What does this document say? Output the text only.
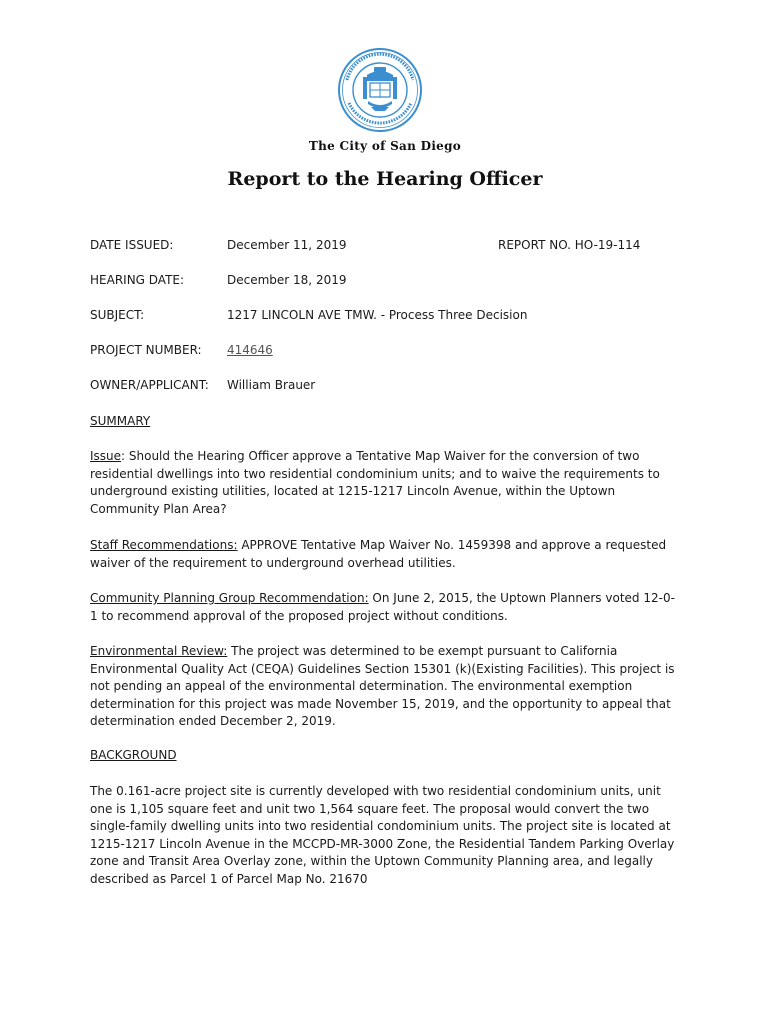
The City of San Diego
Report to the Hearing Officer
DATE ISSUED:	December 11, 2019	REPORT NO. HO-19-114
HEARING DATE:	December 18, 2019
SUBJECT:	1217 LINCOLN AVE TMW. - Process Three Decision
PROJECT NUMBER: 414646
OWNER/APPLICANT: William Brauer
SUMMARY
Issue: Should the Hearing Officer approve a Tentative Map Waiver for the conversion of two residential dwellings into two residential condominium units; and to waive the requirements to underground existing utilities, located at 1215-1217 Lincoln Avenue, within the Uptown Community Plan Area?
Staff Recommendations: APPROVE Tentative Map Waiver No. 1459398 and approve a requested waiver of the requirement to underground overhead utilities.
Community Planning Group Recommendation: On June 2, 2015, the Uptown Planners voted 12-0-1 to recommend approval of the proposed project without conditions.
Environmental Review: The project was determined to be exempt pursuant to California Environmental Quality Act (CEQA) Guidelines Section 15301 (k)(Existing Facilities). This project is not pending an appeal of the environmental determination. The environmental exemption determination for this project was made November 15, 2019, and the opportunity to appeal that determination ended December 2, 2019.
BACKGROUND
The 0.161-acre project site is currently developed with two residential condominium units, unit one is 1,105 square feet and unit two 1,564 square feet. The proposal would convert the two single-family dwelling units into two residential condominium units. The project site is located at 1215-1217 Lincoln Avenue in the MCCPD-MR-3000 Zone, the Residential Tandem Parking Overlay zone and Transit Area Overlay zone, within the Uptown Community Planning area, and legally described as Parcel 1 of Parcel Map No. 21670
